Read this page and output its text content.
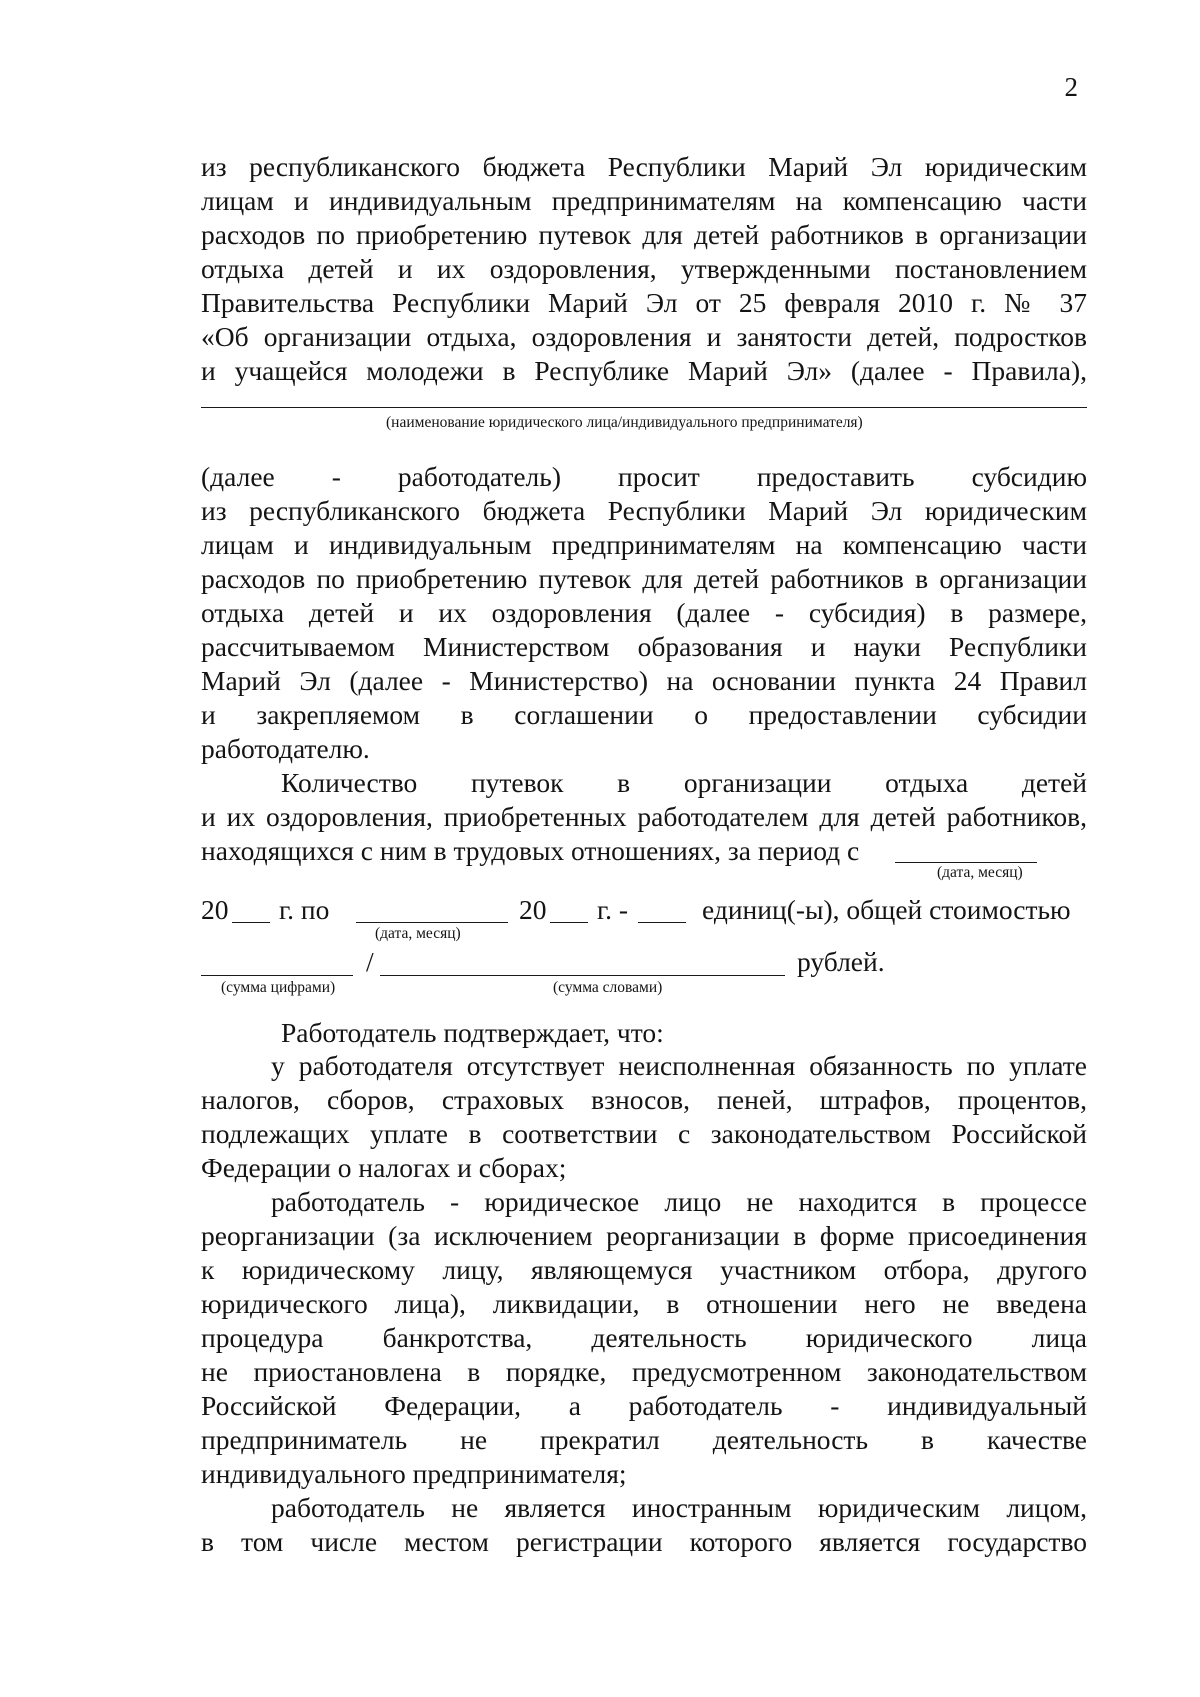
2
из республиканского бюджета Республики Марий Эл юридическим
лицам и индивидуальным предпринимателям на компенсацию части
расходов по приобретению путевок для детей работников в организации
отдыха детей и их оздоровления, утвержденными постановлением
Правительства Республики Марий Эл от 25 февраля 2010 г. № 37
«Об организации отдыха, оздоровления и занятости детей, подростков
и учащейся молодежи в Республике Марий Эл» (далее - Правила),
(наименование юридического лица/индивидуального предпринимателя)
(далее - работодатель) просит предоставить субсидию
из республиканского бюджета Республики Марий Эл юридическим
лицам и индивидуальным предпринимателям на компенсацию части
расходов по приобретению путевок для детей работников в организации
отдыха детей и их оздоровления (далее - субсидия) в размере,
рассчитываемом Министерством образования и науки Республики
Марий Эл (далее - Министерство) на основании пункта 24 Правил
и закрепляемом в соглашении о предоставлении субсидии
работодателю.
Количество путевок в организации отдыха детей
и их оздоровления, приобретенных работодателем для детей работников,
находящихся с ним в трудовых отношениях, за период с
(дата, месяц)
20 г. по
(дата, месяц)
20 г. -	единиц(-ы), общей стоимостью
/	рублей.
(сумма цифрами)	(сумма словами)
Работодатель подтверждает, что:
у работодателя отсутствует неисполненная обязанность по уплате
налогов, сборов, страховых взносов, пеней, штрафов, процентов,
подлежащих уплате в соответствии с законодательством Российской
Федерации о налогах и сборах;
работодатель - юридическое лицо не находится в процессе
реорганизации (за исключением реорганизации в форме присоединения
к юридическому лицу, являющемуся участником отбора, другого
юридического лица), ликвидации, в отношении него не введена
процедура банкротства, деятельность юридического лица
не приостановлена в порядке, предусмотренном законодательством
Российской Федерации, а работодатель - индивидуальный
предприниматель не прекратил деятельность в качестве
индивидуального предпринимателя;
работодатель не является иностранным юридическим лицом,
в том числе местом регистрации которого является государство
